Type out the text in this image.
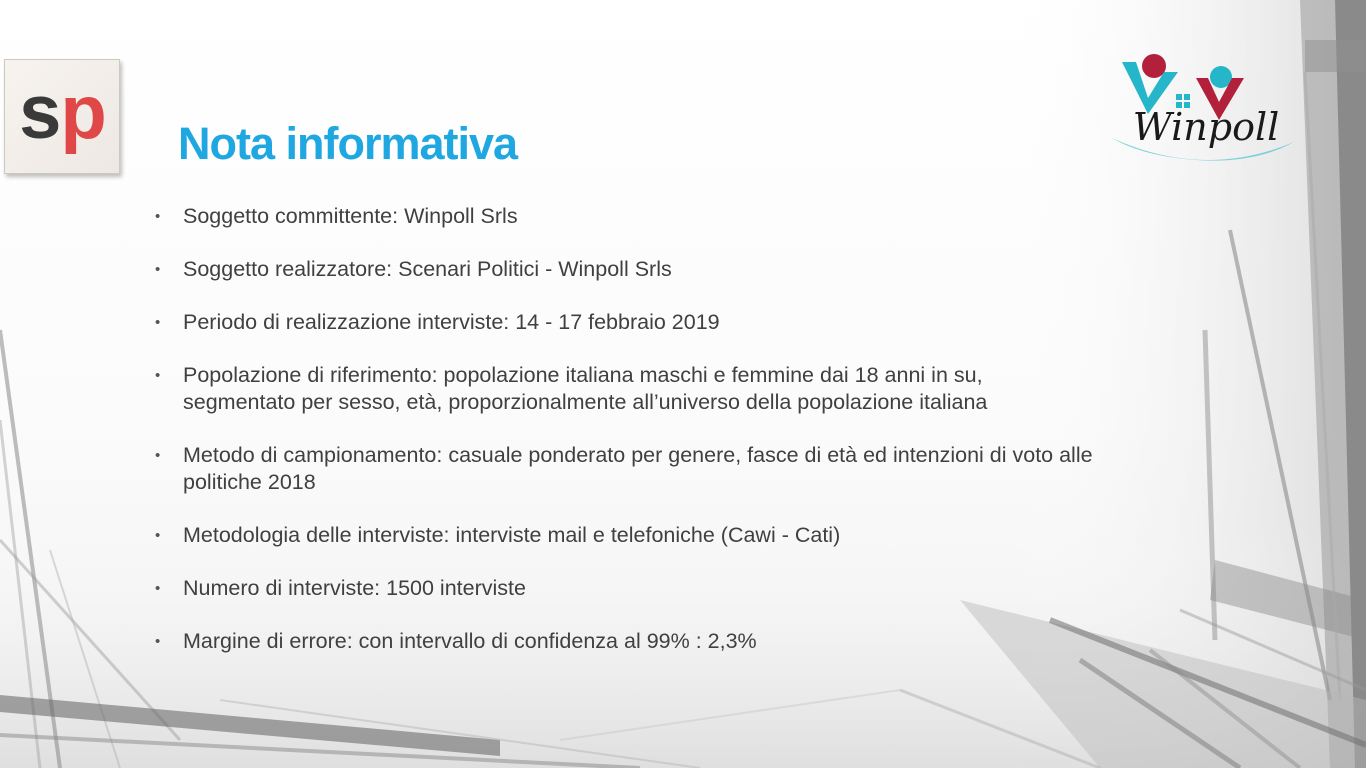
s p	Winpoll
Nota informativa
• Soggetto committente: Winpoll Srls
• Soggetto realizzatore: Scenari Politici - Winpoll Srls
• Periodo di realizzazione interviste: 14 - 17 febbraio 2019
• Popolazione di riferimento: popolazione italiana maschi e femmine dai 18 anni in su, segmentato per sesso, età, proporzionalmente all’universo della popolazione italiana
• Metodo di campionamento: casuale ponderato per genere, fasce di età ed intenzioni di voto alle politiche 2018
• Metodologia delle interviste: interviste mail e telefoniche (Cawi - Cati)
• Numero di interviste: 1500 interviste
• Margine di errore: con intervallo di confidenza al 99% : 2,3%
